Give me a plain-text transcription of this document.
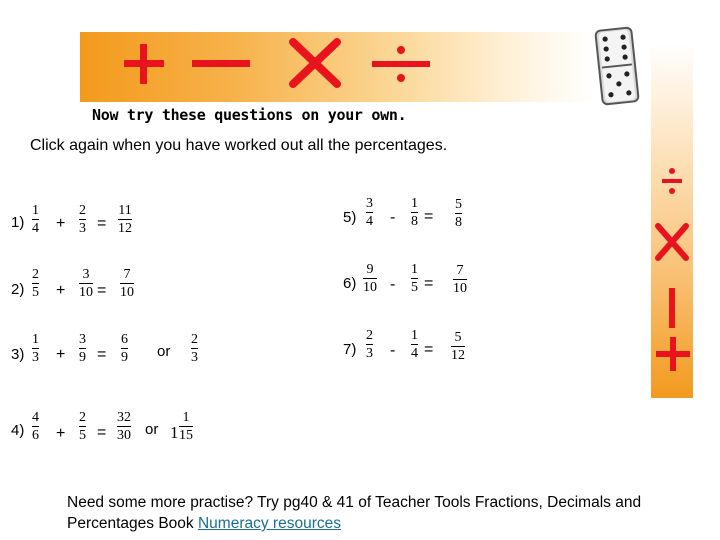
Now try these questions on your own.
Click again when you have worked out all the percentages.
1)
1
4 +
2
3 =
11
12
2)
2
5 +
3
10 =
7
10
3)
1
3 +
3
9 =
6
9 or
2
3
4)
4
6 +
2
5 =
32
30 or 1
1
15
5)
3
4 -
1
8 =
5
8
6)
9
10 -
1
5 =
7
10
7)
2
3 -
1
4 =
5
12
Need some more practise? Try pg40 & 41 of Teacher Tools Fractions, Decimals and Percentages Book Numeracy resources
